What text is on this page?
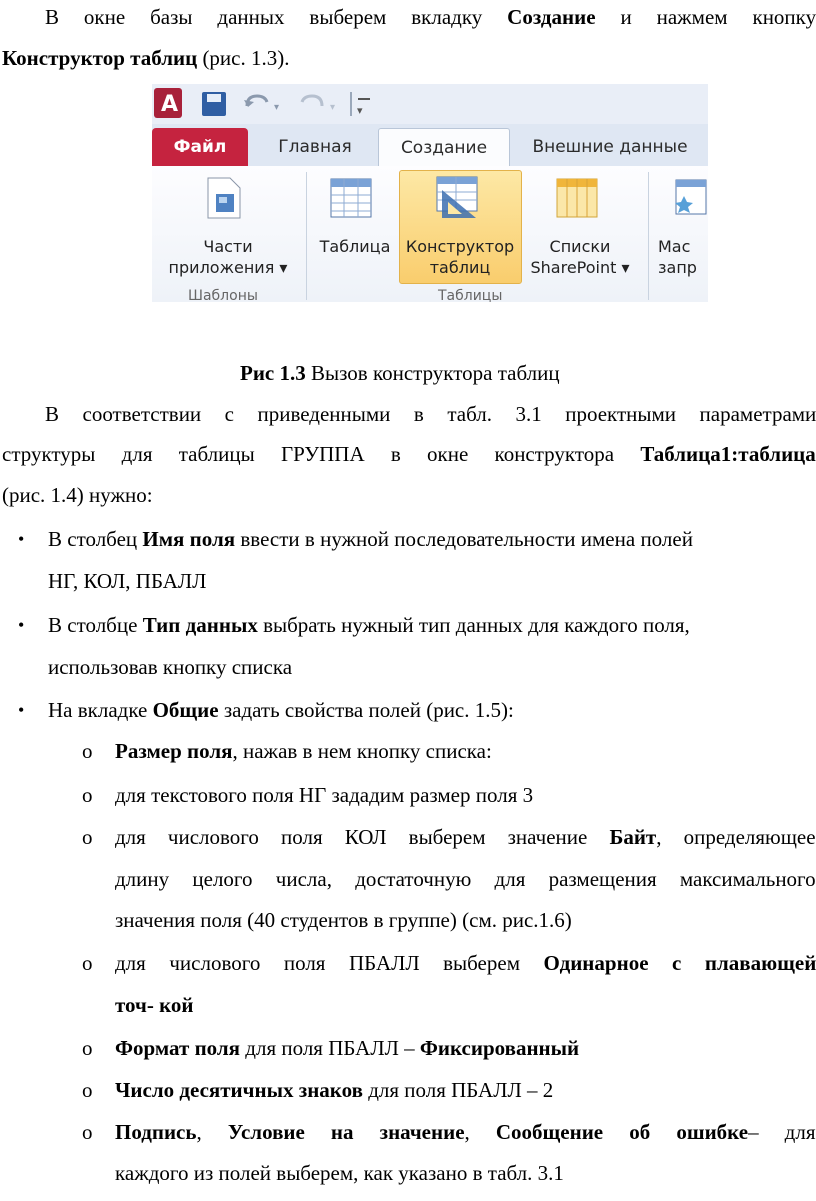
В окне базы данных выберем вкладку Создание и нажмем кнопку
Конструктор таблиц (рис. 1.3).
A	▾	▾ ▾
Файл	Главная	Создание	Внешние данные
Части
приложения ▾
Шаблоны
Таблица Конструктор
таблиц
Таблицы
Списки
SharePoint ▾
Мас
запр
Рис 1.3 Вызов конструктора таблиц
В соответствии с приведенными в табл. 3.1 проектными параметрами
структуры для таблицы ГРУППА в окне конструктора Таблица1:таблица
(рис. 1.4) нужно:
• В столбец Имя поля ввести в нужной последовательности имена полей
НГ, КОЛ, ПБАЛЛ
• В столбце Тип данных выбрать нужный тип данных для каждого поля,
использовав кнопку списка
• На вкладке Общие задать свойства полей (рис. 1.5):
o Размер поля, нажав в нем кнопку списка:
o для текстового поля НГ зададим размер поля 3
o для числового поля КОЛ выберем значение Байт, определяющее
длину целого числа, достаточную для размещения максимального
значения поля (40 студентов в группе) (см. рис.1.6)
o для числового поля ПБАЛЛ выберем Одинарное с плавающей
точ- кой
o Формат поля для поля ПБАЛЛ – Фиксированный
o Число десятичных знаков для поля ПБАЛЛ – 2
o Подпись, Условие на значение, Сообщение об ошибке– для
каждого из полей выберем, как указано в табл. 3.1
